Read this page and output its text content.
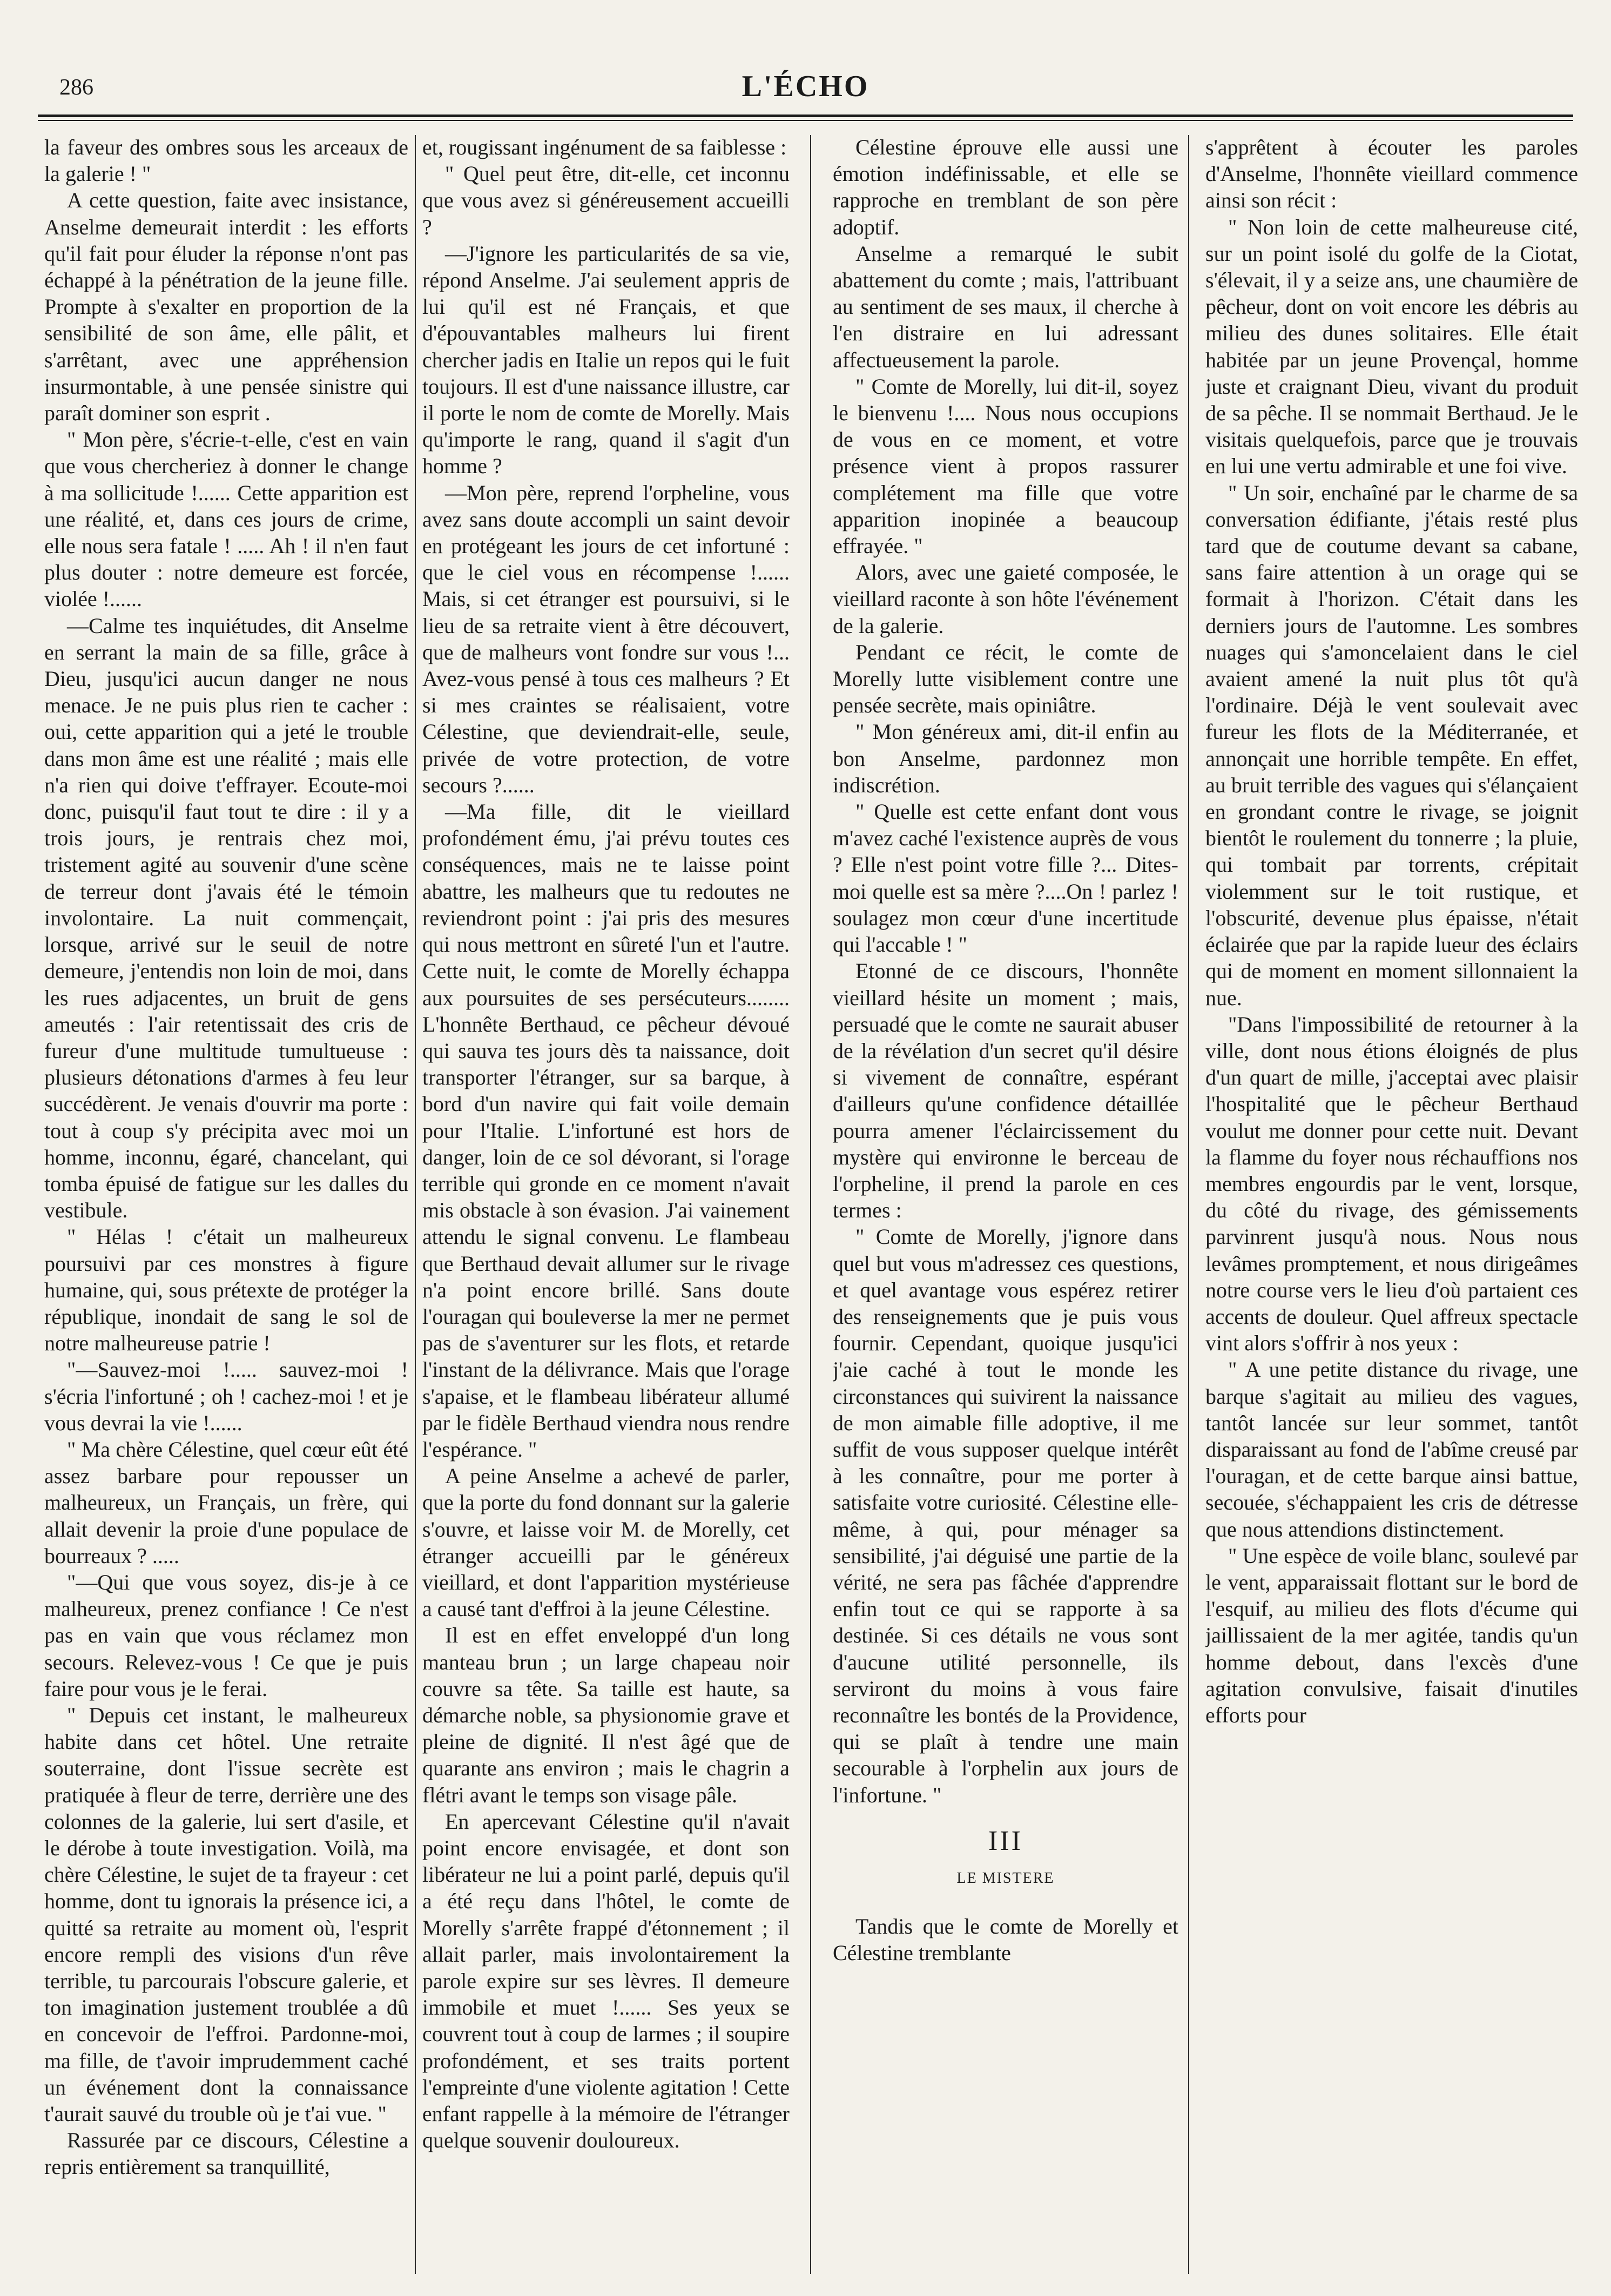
286	L'ÉCHO

la faveur des ombres sous les arceaux de la galerie ! "

A cette question, faite avec insistance, Anselme demeurait interdit : les efforts qu'il fait pour éluder la réponse n'ont pas échappé à la pénétration de la jeune fille. Prompte à s'exalter en proportion de la sensibilité de son âme, elle pâlit, et s'arrêtant, avec une appréhension insurmontable, à une pensée sinistre qui paraît dominer son esprit .

" Mon père, s'écrie-t-elle, c'est en vain que vous chercheriez à donner le change à ma sollicitude !...... Cette apparition est une réalité, et, dans ces jours de crime, elle nous sera fatale ! ..... Ah ! il n'en faut plus douter : notre demeure est forcée, violée !......

—Calme tes inquiétudes, dit Anselme en serrant la main de sa fille, grâce à Dieu, jusqu'ici aucun danger ne nous menace. Je ne puis plus rien te cacher : oui, cette apparition qui a jeté le trouble dans mon âme est une réalité ; mais elle n'a rien qui doive t'effrayer. Ecoute-moi donc, puisqu'il faut tout te dire : il y a trois jours, je rentrais chez moi, tristement agité au souvenir d'une scène de terreur dont j'avais été le témoin involontaire. La nuit commençait, lorsque, arrivé sur le seuil de notre demeure, j'entendis non loin de moi, dans les rues adjacentes, un bruit de gens ameutés : l'air retentissait des cris de fureur d'une multitude tumultueuse : plusieurs détonations d'armes à feu leur succédèrent. Je venais d'ouvrir ma porte : tout à coup s'y précipita avec moi un homme, inconnu, égaré, chancelant, qui tomba épuisé de fatigue sur les dalles du vestibule.

" Hélas ! c'était un malheureux poursuivi par ces monstres à figure humaine, qui, sous prétexte de protéger la république, inondait de sang le sol de notre malheureuse patrie !

"—Sauvez-moi !..... sauvez-moi ! s'écria l'infortuné ; oh ! cachez-moi ! et je vous devrai la vie !......

" Ma chère Célestine, quel cœur eût été assez barbare pour repousser un malheureux, un Français, un frère, qui allait devenir la proie d'une populace de bourreaux ? .....

"—Qui que vous soyez, dis-je à ce malheureux, prenez confiance ! Ce n'est pas en vain que vous réclamez mon secours. Relevez-vous ! Ce que je puis faire pour vous je le ferai.

" Depuis cet instant, le malheureux habite dans cet hôtel. Une retraite souterraine, dont l'issue secrète est pratiquée à fleur de terre, derrière une des colonnes de la galerie, lui sert d'asile, et le dérobe à toute investigation. Voilà, ma chère Célestine, le sujet de ta frayeur : cet homme, dont tu ignorais la présence ici, a quitté sa retraite au moment où, l'esprit encore rempli des visions d'un rêve terrible, tu parcourais l'obscure galerie, et ton imagination justement troublée a dû en concevoir de l'effroi. Pardonne-moi, ma fille, de t'avoir imprudemment caché un événement dont la connaissance t'aurait sauvé du trouble où je t'ai vue. "

Rassurée par ce discours, Célestine a repris entièrement sa tranquillité,

et, rougissant ingénument de sa faiblesse :

" Quel peut être, dit-elle, cet inconnu que vous avez si généreusement accueilli ?

—J'ignore les particularités de sa vie, répond Anselme. J'ai seulement appris de lui qu'il est né Français, et que d'épouvantables malheurs lui firent chercher jadis en Italie un repos qui le fuit toujours. Il est d'une naissance illustre, car il porte le nom de comte de Morelly. Mais qu'importe le rang, quand il s'agit d'un homme ?

—Mon père, reprend l'orpheline, vous avez sans doute accompli un saint devoir en protégeant les jours de cet infortuné : que le ciel vous en récompense !...... Mais, si cet étranger est poursuivi, si le lieu de sa retraite vient à être découvert, que de malheurs vont fondre sur vous !... Avez-vous pensé à tous ces malheurs ? Et si mes craintes se réalisaient, votre Célestine, que deviendrait-elle, seule, privée de votre protection, de votre secours ?......

—Ma fille, dit le vieillard profondément ému, j'ai prévu toutes ces conséquences, mais ne te laisse point abattre, les malheurs que tu redoutes ne reviendront point : j'ai pris des mesures qui nous mettront en sûreté l'un et l'autre. Cette nuit, le comte de Morelly échappa aux poursuites de ses persécuteurs........ L'honnête Berthaud, ce pêcheur dévoué qui sauva tes jours dès ta naissance, doit transporter l'étranger, sur sa barque, à bord d'un navire qui fait voile demain pour l'Italie. L'infortuné est hors de danger, loin de ce sol dévorant, si l'orage terrible qui gronde en ce moment n'avait mis obstacle à son évasion. J'ai vainement attendu le signal convenu. Le flambeau que Berthaud devait allumer sur le rivage n'a point encore brillé. Sans doute l'ouragan qui bouleverse la mer ne permet pas de s'aventurer sur les flots, et retarde l'instant de la délivrance. Mais que l'orage s'apaise, et le flambeau libérateur allumé par le fidèle Berthaud viendra nous rendre l'espérance. "

A peine Anselme a achevé de parler, que la porte du fond donnant sur la galerie s'ouvre, et laisse voir M. de Morelly, cet étranger accueilli par le généreux vieillard, et dont l'apparition mystérieuse a causé tant d'effroi à la jeune Célestine.

Il est en effet enveloppé d'un long manteau brun ; un large chapeau noir couvre sa tête. Sa taille est haute, sa démarche noble, sa physionomie grave et pleine de dignité. Il n'est âgé que de quarante ans environ ; mais le chagrin a flétri avant le temps son visage pâle.

En apercevant Célestine qu'il n'avait point encore envisagée, et dont son libérateur ne lui a point parlé, depuis qu'il a été reçu dans l'hôtel, le comte de Morelly s'arrête frappé d'étonnement ; il allait parler, mais involontairement la parole expire sur ses lèvres. Il demeure immobile et muet !...... Ses yeux se couvrent tout à coup de larmes ; il soupire profondément, et ses traits portent l'empreinte d'une violente agitation ! Cette enfant rappelle à la mémoire de l'étranger quelque souvenir douloureux.

Célestine éprouve elle aussi une émotion indéfinissable, et elle se rapproche en tremblant de son père adoptif.

Anselme a remarqué le subit abattement du comte ; mais, l'attribuant au sentiment de ses maux, il cherche à l'en distraire en lui adressant affectueusement la parole.

" Comte de Morelly, lui dit-il, soyez le bienvenu !.... Nous nous occupions de vous en ce moment, et votre présence vient à propos rassurer complétement ma fille que votre apparition inopinée a beaucoup effrayée. "

Alors, avec une gaieté composée, le vieillard raconte à son hôte l'événement de la galerie.

Pendant ce récit, le comte de Morelly lutte visiblement contre une pensée secrète, mais opiniâtre.

" Mon généreux ami, dit-il enfin au bon Anselme, pardonnez mon indiscrétion.

" Quelle est cette enfant dont vous m'avez caché l'existence auprès de vous ? Elle n'est point votre fille ?... Dites-moi quelle est sa mère ?....On ! parlez ! soulagez mon cœur d'une incertitude qui l'accable ! "

Etonné de ce discours, l'honnête vieillard hésite un moment ; mais, persuadé que le comte ne saurait abuser de la révélation d'un secret qu'il désire si vivement de connaître, espérant d'ailleurs qu'une confidence détaillée pourra amener l'éclaircissement du mystère qui environne le berceau de l'orpheline, il prend la parole en ces termes :

" Comte de Morelly, j'ignore dans quel but vous m'adressez ces questions, et quel avantage vous espérez retirer des renseignements que je puis vous fournir. Cependant, quoique jusqu'ici j'aie caché à tout le monde les circonstances qui suivirent la naissance de mon aimable fille adoptive, il me suffit de vous supposer quelque intérêt à les connaître, pour me porter à satisfaite votre curiosité. Célestine elle-même, à qui, pour ménager sa sensibilité, j'ai déguisé une partie de la vérité, ne sera pas fâchée d'apprendre enfin tout ce qui se rapporte à sa destinée. Si ces détails ne vous sont d'aucune utilité personnelle, ils serviront du moins à vous faire reconnaître les bontés de la Providence, qui se plaît à tendre une main secourable à l'orphelin aux jours de l'infortune. "

III

LE MISTERE

Tandis que le comte de Morelly et Célestine tremblante

s'apprêtent à écouter les paroles d'Anselme, l'honnête vieillard commence ainsi son récit :

" Non loin de cette malheureuse cité, sur un point isolé du golfe de la Ciotat, s'élevait, il y a seize ans, une chaumière de pêcheur, dont on voit encore les débris au milieu des dunes solitaires. Elle était habitée par un jeune Provençal, homme juste et craignant Dieu, vivant du produit de sa pêche. Il se nommait Berthaud. Je le visitais quelquefois, parce que je trouvais en lui une vertu admirable et une foi vive.

" Un soir, enchaîné par le charme de sa conversation édifiante, j'étais resté plus tard que de coutume devant sa cabane, sans faire attention à un orage qui se formait à l'horizon. C'était dans les derniers jours de l'automne. Les sombres nuages qui s'amoncelaient dans le ciel avaient amené la nuit plus tôt qu'à l'ordinaire. Déjà le vent soulevait avec fureur les flots de la Méditerranée, et annonçait une horrible tempête. En effet, au bruit terrible des vagues qui s'élançaient en grondant contre le rivage, se joignit bientôt le roulement du tonnerre ; la pluie, qui tombait par torrents, crépitait violemment sur le toit rustique, et l'obscurité, devenue plus épaisse, n'était éclairée que par la rapide lueur des éclairs qui de moment en moment sillonnaient la nue.

"Dans l'impossibilité de retourner à la ville, dont nous étions éloignés de plus d'un quart de mille, j'acceptai avec plaisir l'hospitalité que le pêcheur Berthaud voulut me donner pour cette nuit. Devant la flamme du foyer nous réchauffions nos membres engourdis par le vent, lorsque, du côté du rivage, des gémissements parvinrent jusqu'à nous. Nous nous levâmes promptement, et nous dirigeâmes notre course vers le lieu d'où partaient ces accents de douleur. Quel affreux spectacle vint alors s'offrir à nos yeux :

" A une petite distance du rivage, une barque s'agitait au milieu des vagues, tantôt lancée sur leur sommet, tantôt disparaissant au fond de l'abîme creusé par l'ouragan, et de cette barque ainsi battue, secouée, s'échappaient les cris de détresse que nous attendions distinctement.

" Une espèce de voile blanc, soulevé par le vent, apparaissait flottant sur le bord de l'esquif, au milieu des flots d'écume qui jaillissaient de la mer agitée, tandis qu'un homme debout, dans l'excès d'une agitation convulsive, faisait d'inutiles efforts pour
